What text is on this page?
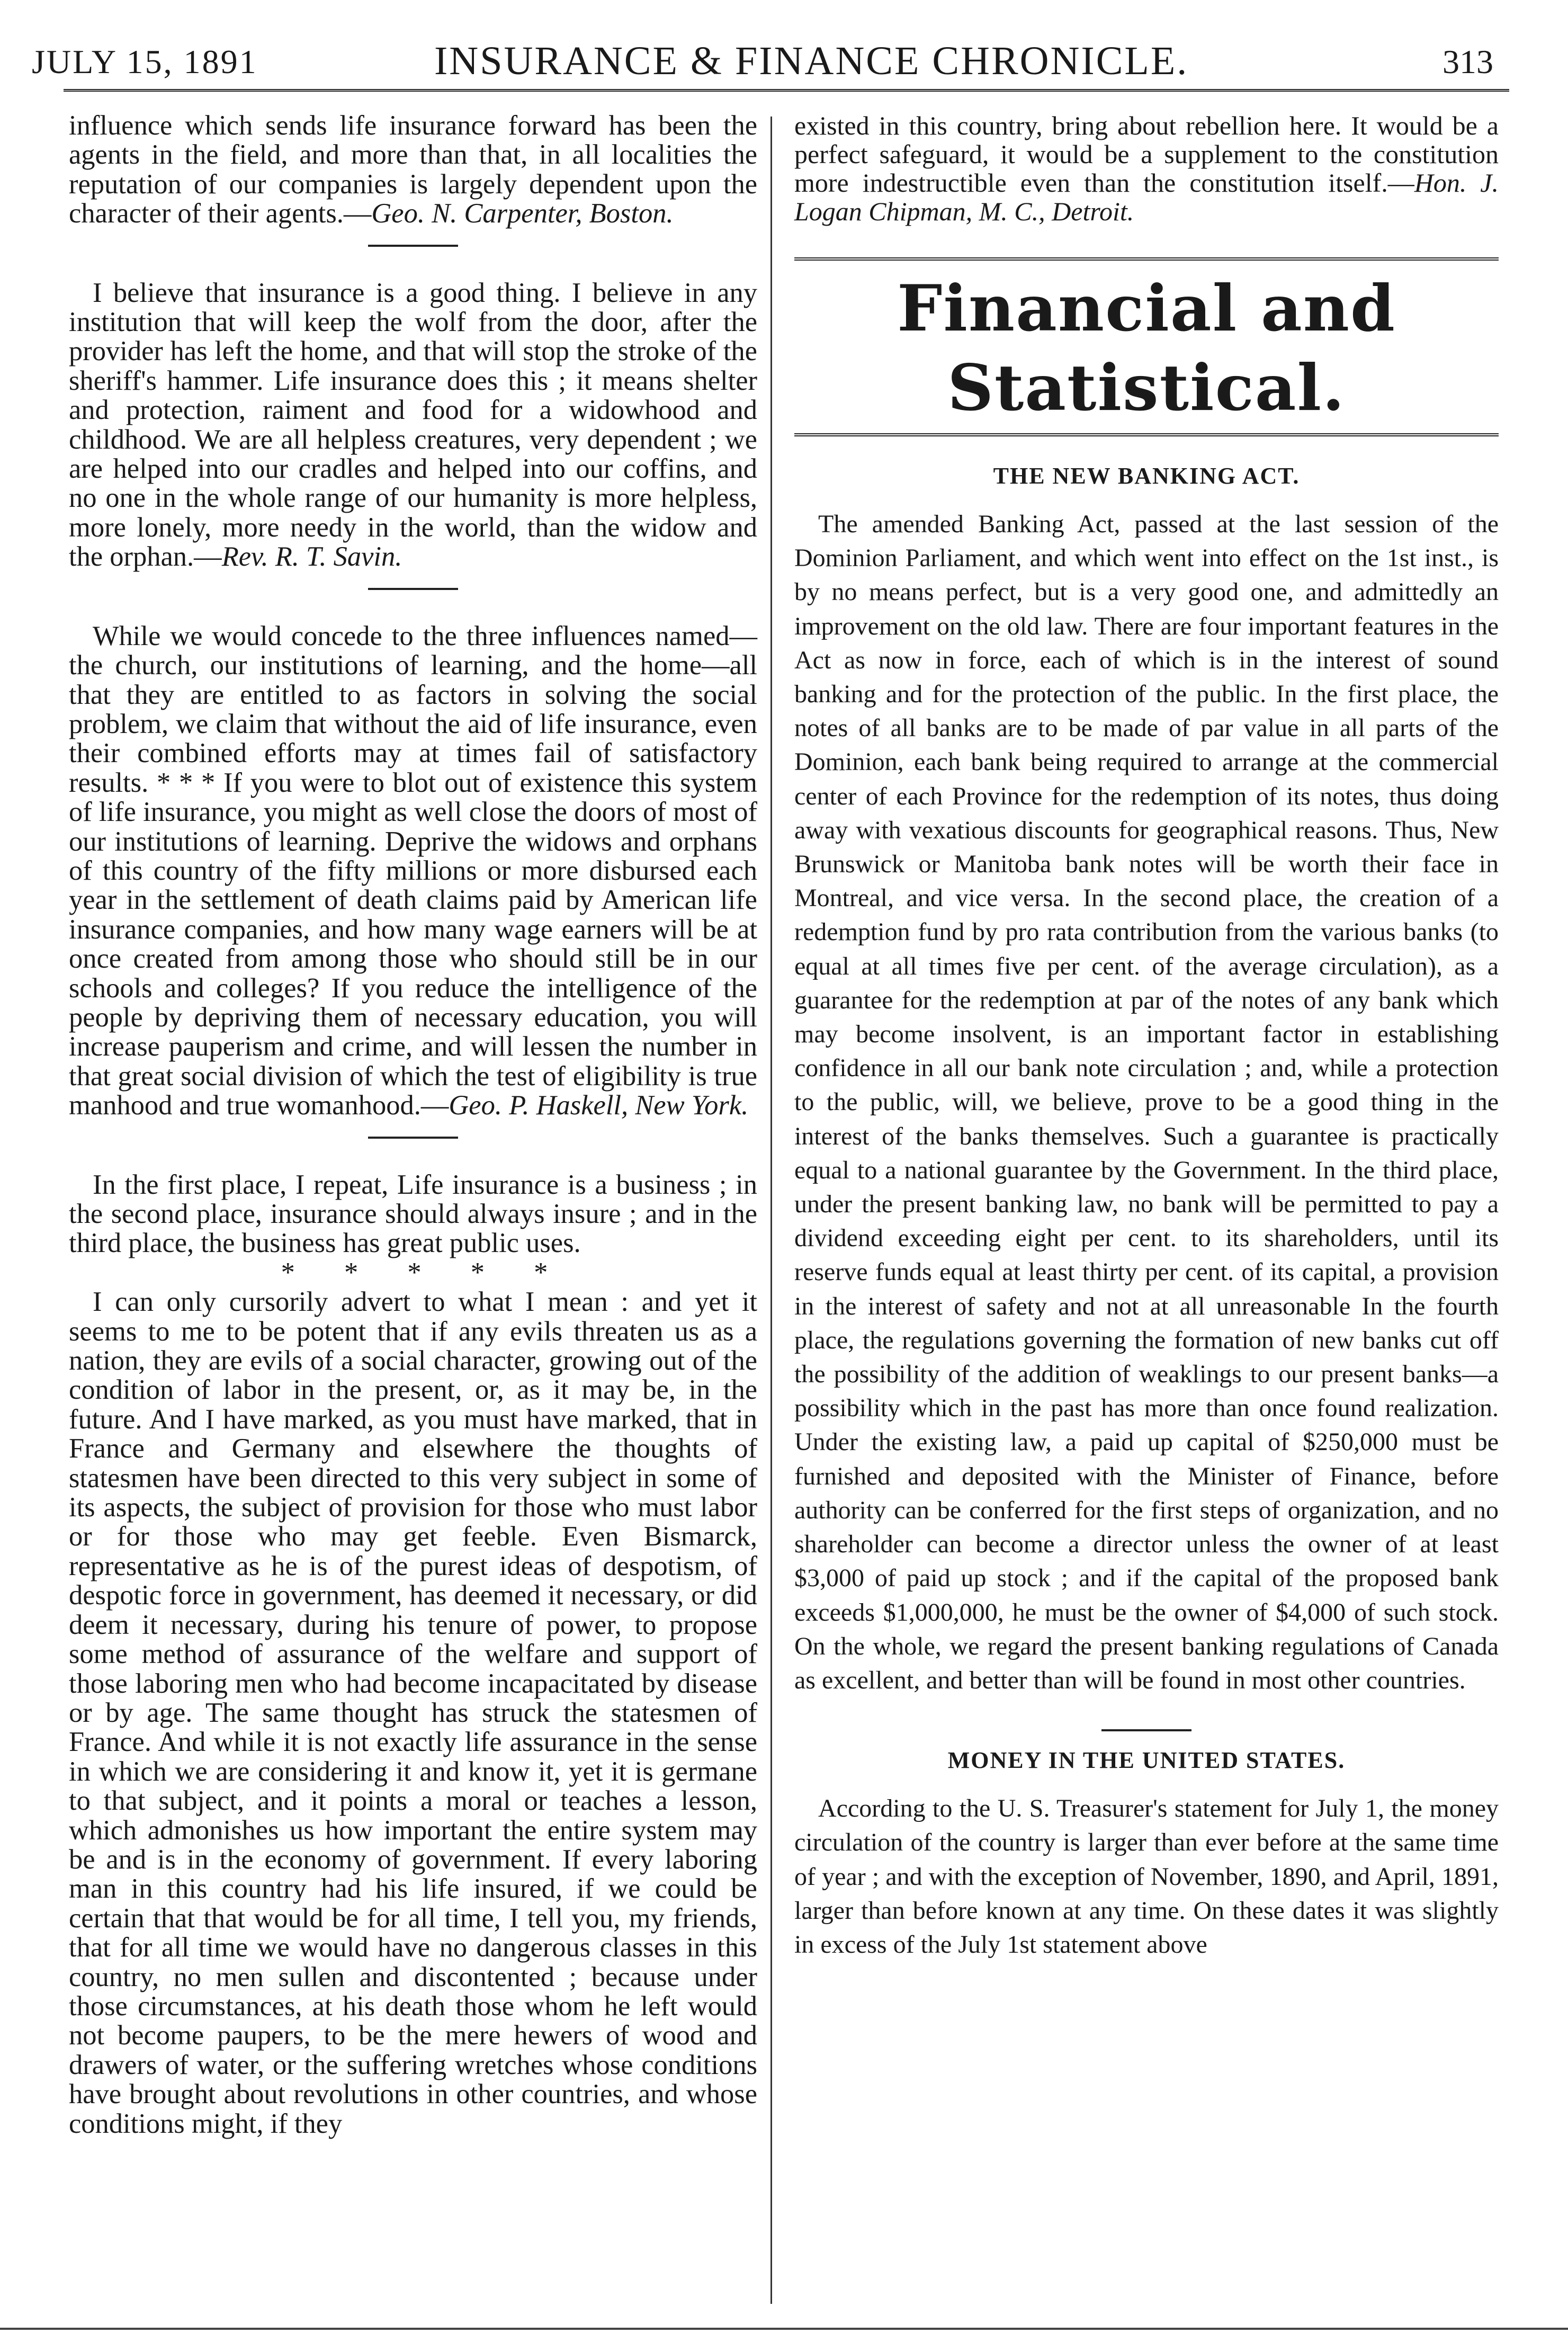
JULY 15, 1891	INSURANCE & FINANCE CHRONICLE.	313

influence which sends life insurance forward has been the agents in the field, and more than that, in all localities the reputation of our companies is largely dependent upon the character of their agents.—Geo. N. Carpenter, Boston.

I believe that insurance is a good thing. I believe in any institution that will keep the wolf from the door, after the provider has left the home, and that will stop the stroke of the sheriff's hammer. Life insurance does this ; it means shelter and protection, raiment and food for a widowhood and childhood. We are all helpless creatures, very dependent ; we are helped into our cradles and helped into our coffins, and no one in the whole range of our humanity is more helpless, more lonely, more needy in the world, than the widow and the orphan.—Rev. R. T. Savin.

While we would concede to the three influences named—the church, our institutions of learning, and the home—all that they are entitled to as factors in solving the social problem, we claim that without the aid of life insurance, even their combined efforts may at times fail of satisfactory results. * * * If you were to blot out of existence this system of life insurance, you might as well close the doors of most of our institutions of learning. Deprive the widows and orphans of this country of the fifty millions or more disbursed each year in the settlement of death claims paid by American life insurance companies, and how many wage earners will be at once created from among those who should still be in our schools and colleges? If you reduce the intelligence of the people by depriving them of necessary education, you will increase pauperism and crime, and will lessen the number in that great social division of which the test of eligibility is true manhood and true womanhood.—Geo. P. Haskell, New York.

In the first place, I repeat, Life insurance is a business ; in the second place, insurance should always insure ; and in the third place, the business has great public uses.
* * * * *

I can only cursorily advert to what I mean : and yet it seems to me to be potent that if any evils threaten us as a nation, they are evils of a social character, growing out of the condition of labor in the present, or, as it may be, in the future. And I have marked, as you must have marked, that in France and Germany and elsewhere the thoughts of statesmen have been directed to this very subject in some of its aspects, the subject of provision for those who must labor or for those who may get feeble. Even Bismarck, representative as he is of the purest ideas of despotism, of despotic force in government, has deemed it necessary, or did deem it necessary, during his tenure of power, to propose some method of assurance of the welfare and support of those laboring men who had become incapacitated by disease or by age. The same thought has struck the statesmen of France. And while it is not exactly life assurance in the sense in which we are considering it and know it, yet it is germane to that subject, and it points a moral or teaches a lesson, which admonishes us how important the entire system may be and is in the economy of government. If every laboring man in this country had his life insured, if we could be certain that that would be for all time, I tell you, my friends, that for all time we would have no dangerous classes in this country, no men sullen and discontented ; because under those circumstances, at his death those whom he left would not become paupers, to be the mere hewers of wood and drawers of water, or the suffering wretches whose conditions have brought about revolutions in other countries, and whose conditions might, if they

existed in this country, bring about rebellion here. It would be a perfect safeguard, it would be a supplement to the constitution more indestructible even than the constitution itself.—Hon. J. Logan Chipman, M. C., Detroit.

Financial and Statistical.
THE NEW BANKING ACT.

The amended Banking Act, passed at the last session of the Dominion Parliament, and which went into effect on the 1st inst., is by no means perfect, but is a very good one, and admittedly an improvement on the old law. There are four important features in the Act as now in force, each of which is in the interest of sound banking and for the protection of the public. In the first place, the notes of all banks are to be made of par value in all parts of the Dominion, each bank being required to arrange at the commercial center of each Province for the redemption of its notes, thus doing away with vexatious discounts for geographical reasons. Thus, New Brunswick or Manitoba bank notes will be worth their face in Montreal, and vice versa. In the second place, the creation of a redemption fund by pro rata contribution from the various banks (to equal at all times five per cent. of the average circulation), as a guarantee for the redemption at par of the notes of any bank which may become insolvent, is an important factor in establishing confidence in all our bank note circulation ; and, while a protection to the public, will, we believe, prove to be a good thing in the interest of the banks themselves. Such a guarantee is practically equal to a national guarantee by the Government. In the third place, under the present banking law, no bank will be permitted to pay a dividend exceeding eight per cent. to its shareholders, until its reserve funds equal at least thirty per cent. of its capital, a provision in the interest of safety and not at all unreasonable In the fourth place, the regulations governing the formation of new banks cut off the possibility of the addition of weaklings to our present banks—a possibility which in the past has more than once found realization. Under the existing law, a paid up capital of $250,000 must be furnished and deposited with the Minister of Finance, before authority can be conferred for the first steps of organization, and no shareholder can become a director unless the owner of at least $3,000 of paid up stock ; and if the capital of the proposed bank exceeds $1,000,000, he must be the owner of $4,000 of such stock. On the whole, we regard the present banking regulations of Canada as excellent, and better than will be found in most other countries.

MONEY IN THE UNITED STATES.

According to the U. S. Treasurer's statement for July 1, the money circulation of the country is larger than ever before at the same time of year ; and with the exception of November, 1890, and April, 1891, larger than before known at any time. On these dates it was slightly in excess of the July 1st statement above
